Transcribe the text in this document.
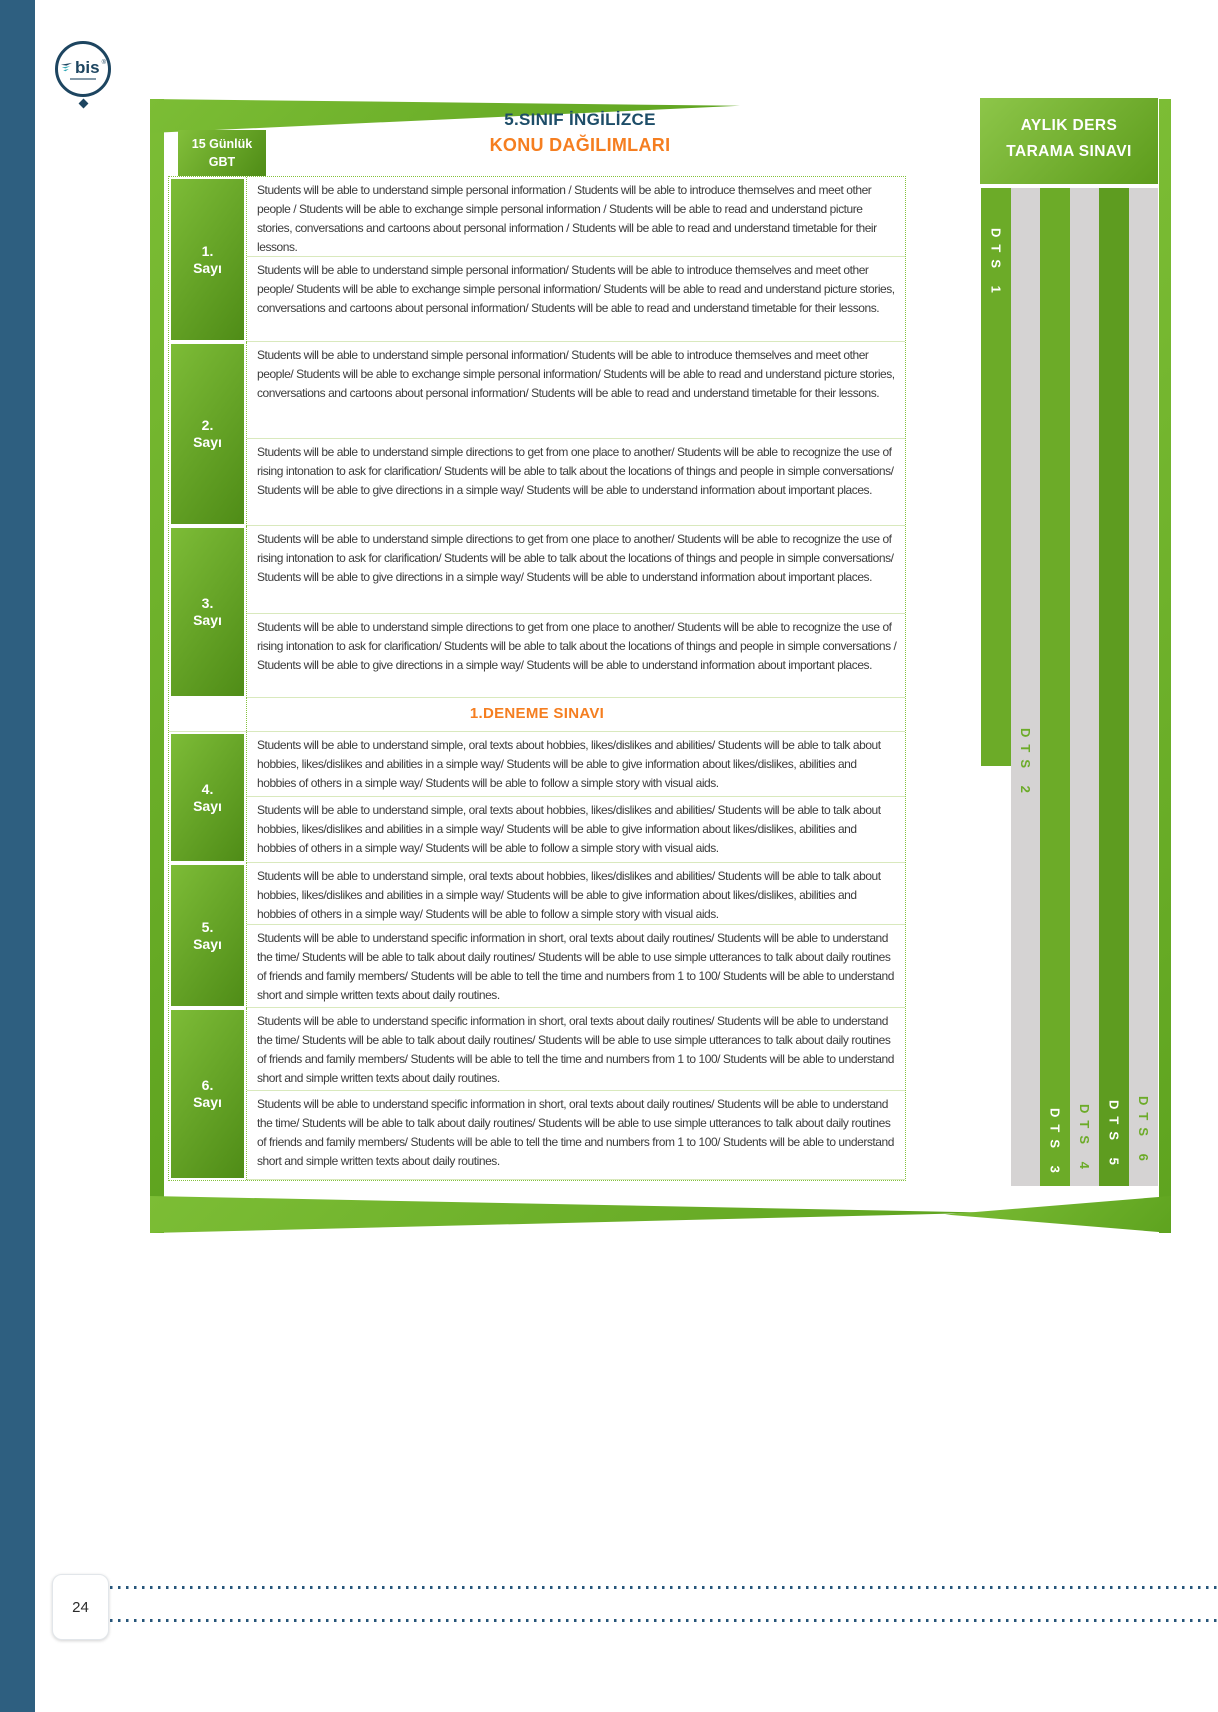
bis ®
15 Günlük
GBT
5.SINIF İNGİLİZCE
KONU DAĞILIMLARI
AYLIK DERS
TARAMA SINAVI
DTS 1
DTS 2
DTS 3 DTS 4 DTS 5 DTS 6
1.
Sayı
Students will be able to understand simple personal information / Students will be able to introduce themselves and meet other people / Students will be able to exchange simple personal information / Students will be able to read and understand picture stories, conversations and cartoons about personal information / Students will be able to read and understand timetable for their lessons.
Students will be able to understand simple personal information/ Students will be able to introduce themselves and meet other people/ Students will be able to exchange simple personal information/ Students will be able to read and understand picture stories, conversations and cartoons about personal information/ Students will be able to read and understand timetable for their lessons.
2.
Sayı
Students will be able to understand simple personal information/ Students will be able to introduce themselves and meet other people/ Students will be able to exchange simple personal information/ Students will be able to read and understand picture stories, conversations and cartoons about personal information/ Students will be able to read and understand timetable for their lessons.
Students will be able to understand simple directions to get from one place to another/ Students will be able to recognize the use of rising intonation to ask for clarification/ Students will be able to talk about the locations of things and people in simple conversations/ Students will be able to give directions in a simple way/ Students will be able to understand information about important places.
3.
Sayı
Students will be able to understand simple directions to get from one place to another/ Students will be able to recognize the use of rising intonation to ask for clarification/ Students will be able to talk about the locations of things and people in simple conversations/ Students will be able to give directions in a simple way/ Students will be able to understand information about important places.
Students will be able to understand simple directions to get from one place to another/ Students will be able to recognize the use of rising intonation to ask for clarification/ Students will be able to talk about the locations of things and people in simple conversations / Students will be able to give directions in a simple way/ Students will be able to understand information about important places.
1.DENEME SINAVI
4.
Sayı
Students will be able to understand simple, oral texts about hobbies, likes/dislikes and abilities/ Students will be able to talk about hobbies, likes/dislikes and abilities in a simple way/ Students will be able to give information about likes/dislikes, abilities and hobbies of others in a simple way/ Students will be able to follow a simple story with visual aids.
Students will be able to understand simple, oral texts about hobbies, likes/dislikes and abilities/ Students will be able to talk about hobbies, likes/dislikes and abilities in a simple way/ Students will be able to give information about likes/dislikes, abilities and hobbies of others in a simple way/ Students will be able to follow a simple story with visual aids.
5.
Sayı
Students will be able to understand simple, oral texts about hobbies, likes/dislikes and abilities/ Students will be able to talk about hobbies, likes/dislikes and abilities in a simple way/ Students will be able to give information about likes/dislikes, abilities and hobbies of others in a simple way/ Students will be able to follow a simple story with visual aids.
Students will be able to understand specific information in short, oral texts about daily routines/ Students will be able to understand the time/ Students will be able to talk about daily routines/ Students will be able to use simple utterances to talk about daily routines of friends and family members/ Students will be able to tell the time and numbers from 1 to 100/ Students will be able to understand short and simple written texts about daily routines.
6.
Sayı
Students will be able to understand specific information in short, oral texts about daily routines/ Students will be able to understand the time/ Students will be able to talk about daily routines/ Students will be able to use simple utterances to talk about daily routines of friends and family members/ Students will be able to tell the time and numbers from 1 to 100/ Students will be able to understand short and simple written texts about daily routines.
Students will be able to understand specific information in short, oral texts about daily routines/ Students will be able to understand the time/ Students will be able to talk about daily routines/ Students will be able to use simple utterances to talk about daily routines of friends and family members/ Students will be able to tell the time and numbers from 1 to 100/ Students will be able to understand short and simple written texts about daily routines.
24
